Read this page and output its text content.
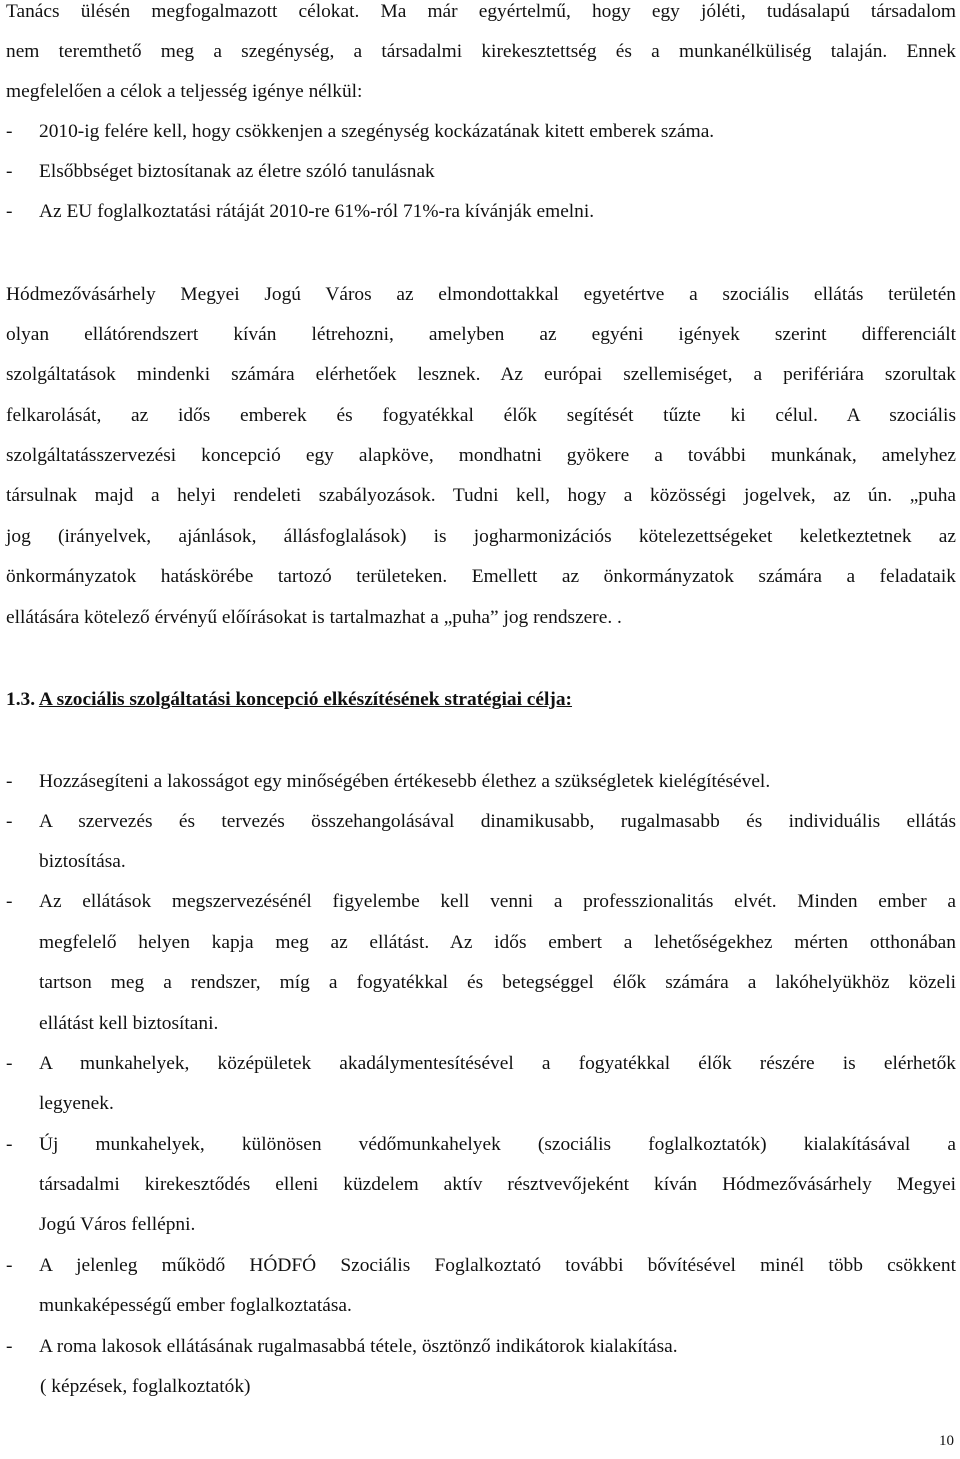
Tanács ülésén megfogalmazott célokat. Ma már egyértelmű, hogy egy jóléti, tudásalapú társadalom
nem teremthető meg a szegénység, a társadalmi kirekesztettség és a munkanélküliség talaján. Ennek
megfelelően a célok a teljesség igénye nélkül:
-	2010-ig felére kell, hogy csökkenjen a szegénység kockázatának kitett emberek száma.
-	Elsőbbséget biztosítanak az életre szóló tanulásnak
-	Az EU foglalkoztatási rátáját 2010-re 61%-ról 71%-ra kívánják emelni.
Hódmezővásárhely Megyei Jogú Város az elmondottakkal egyetértve a szociális ellátás területén
olyan ellátórendszert kíván létrehozni, amelyben az egyéni igények szerint differenciált
szolgáltatások mindenki számára elérhetőek lesznek. Az európai szellemiséget, a perifériára szorultak
felkarolását, az idős emberek és fogyatékkal élők segítését tűzte ki célul. A szociális
szolgáltatásszervezési koncepció egy alapköve, mondhatni gyökere a további munkának, amelyhez
társulnak majd a helyi rendeleti szabályozások. Tudni kell, hogy a közösségi jogelvek, az ún. „puha
jog (irányelvek, ajánlások, állásfoglalások) is jogharmonizációs kötelezettségeket keletkeztetnek az
önkormányzatok hatáskörébe tartozó területeken. Emellett az önkormányzatok számára a feladataik
ellátására kötelező érvényű előírásokat is tartalmazhat a „puha” jog rendszere. .
1.3. A szociális szolgáltatási koncepció elkészítésének stratégiai célja:
-	Hozzásegíteni a lakosságot egy minőségében értékesebb élethez a szükségletek kielégítésével.
-	A szervezés és tervezés összehangolásával dinamikusabb, rugalmasabb és individuális ellátás
biztosítása.
-	Az ellátások megszervezésénél figyelembe kell venni a professzionalitás elvét. Minden ember a
megfelelő helyen kapja meg az ellátást. Az idős embert a lehetőségekhez mérten otthonában
tartson meg a rendszer, míg a fogyatékkal és betegséggel élők számára a lakóhelyükhöz közeli
ellátást kell biztosítani.
-	A munkahelyek, középületek akadálymentesítésével a fogyatékkal élők részére is elérhetők
legyenek.
-	Új munkahelyek, különösen védőmunkahelyek (szociális foglalkoztatók) kialakításával a
társadalmi kirekesztődés elleni küzdelem aktív résztvevőjeként kíván Hódmezővásárhely Megyei
Jogú Város fellépni.
-	A jelenleg működő HÓDFÓ Szociális Foglalkoztató további bővítésével minél több csökkent
munkaképességű ember foglalkoztatása.
-	A roma lakosok ellátásának rugalmasabbá tétele, ösztönző indikátorok kialakítása.
( képzések, foglalkoztatók)
10
